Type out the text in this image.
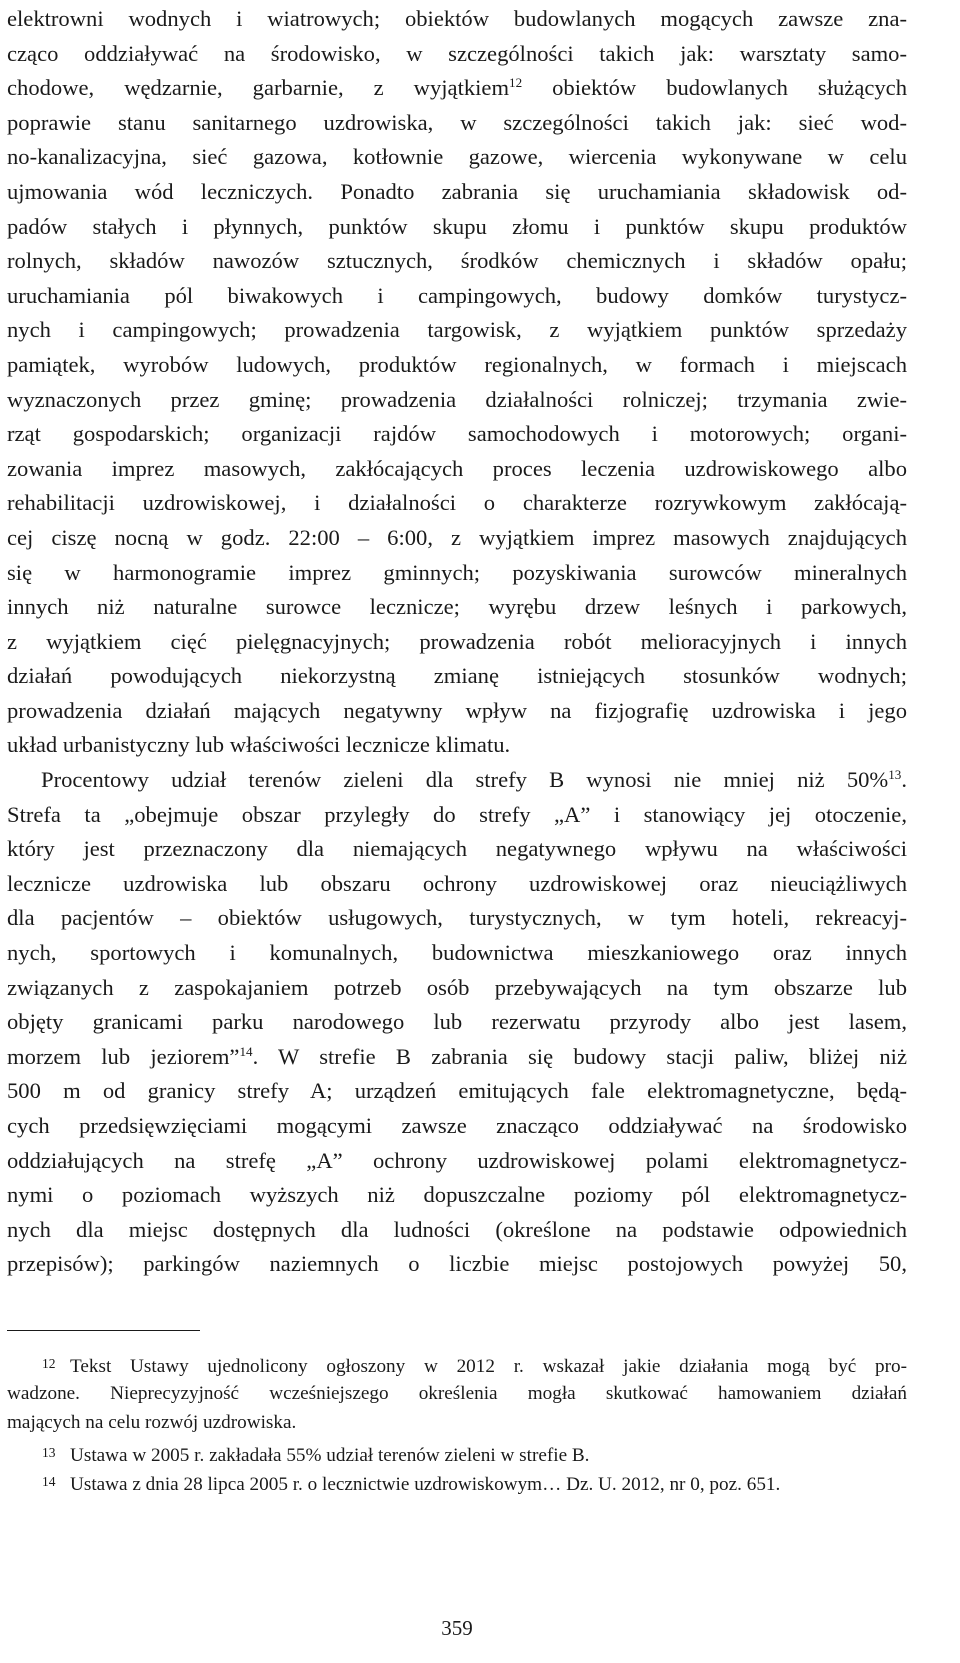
elektrowni wodnych i wiatrowych; obiektów budowlanych mogących zawsze zna-
cząco oddziaływać na środowisko, w szczególności takich jak: warsztaty samo-
chodowe, wędzarnie, garbarnie, z wyjątkiem$^{12}$ obiektów budowlanych służących
poprawie stanu sanitarnego uzdrowiska, w szczególności takich jak: sieć wod-
no-kanalizacyjna, sieć gazowa, kotłownie gazowe, wiercenia wykonywane w celu
ujmowania wód leczniczych. Ponadto zabrania się uruchamiania składowisk od-
padów stałych i płynnych, punktów skupu złomu i punktów skupu produktów
rolnych, składów nawozów sztucznych, środków chemicznych i składów opału;
uruchamiania pól biwakowych i campingowych, budowy domków turystycz-
nych i campingowych; prowadzenia targowisk, z wyjątkiem punktów sprzedaży
pamiątek, wyrobów ludowych, produktów regionalnych, w formach i miejscach
wyznaczonych przez gminę; prowadzenia działalności rolniczej; trzymania zwie-
rząt gospodarskich; organizacji rajdów samochodowych i motorowych; organi-
zowania imprez masowych, zakłócających proces leczenia uzdrowiskowego albo
rehabilitacji uzdrowiskowej, i działalności o charakterze rozrywkowym zakłócają-
cej ciszę nocną w godz. 22:00 – 6:00, z wyjątkiem imprez masowych znajdujących
się w harmonogramie imprez gminnych; pozyskiwania surowców mineralnych
innych niż naturalne surowce lecznicze; wyrębu drzew leśnych i parkowych,
z wyjątkiem cięć pielęgnacyjnych; prowadzenia robót melioracyjnych i innych
działań powodujących niekorzystną zmianę istniejących stosunków wodnych;
prowadzenia działań mających negatywny wpływ na fizjografię uzdrowiska i jego
układ urbanistyczny lub właściwości lecznicze klimatu.
Procentowy udział terenów zieleni dla strefy B wynosi nie mniej niż 50%$^{13}$.
Strefa ta „obejmuje obszar przyległy do strefy „A” i stanowiący jej otoczenie,
który jest przeznaczony dla niemających negatywnego wpływu na właściwości
lecznicze uzdrowiska lub obszaru ochrony uzdrowiskowej oraz nieuciążliwych
dla pacjentów – obiektów usługowych, turystycznych, w tym hoteli, rekreacyj-
nych, sportowych i komunalnych, budownictwa mieszkaniowego oraz innych
związanych z zaspokajaniem potrzeb osób przebywających na tym obszarze lub
objęty granicami parku narodowego lub rezerwatu przyrody albo jest lasem,
morzem lub jeziorem”$^{14}$. W strefie B zabrania się budowy stacji paliw, bliżej niż
500 m od granicy strefy A; urządzeń emitujących fale elektromagnetyczne, będą-
cych przedsięwzięciami mogącymi zawsze znacząco oddziaływać na środowisko
oddziałujących na strefę „A” ochrony uzdrowiskowej polami elektromagnetycz-
nymi o poziomach wyższych niż dopuszczalne poziomy pól elektromagnetycz-
nych dla miejsc dostępnych dla ludności (określone na podstawie odpowiednich
przepisów); parkingów naziemnych o liczbie miejsc postojowych powyżej 50,
12 Tekst Ustawy ujednolicony ogłoszony w 2012 r. wskazał jakie działania mogą być pro-
wadzone. Nieprecyzyjność wcześniejszego określenia mogła skutkować hamowaniem działań
mających na celu rozwój uzdrowiska.
13 Ustawa w 2005 r. zakładała 55% udział terenów zieleni w strefie B.
14 Ustawa z dnia 28 lipca 2005 r. o lecznictwie uzdrowiskowym… Dz. U. 2012, nr 0, poz. 651.
359
